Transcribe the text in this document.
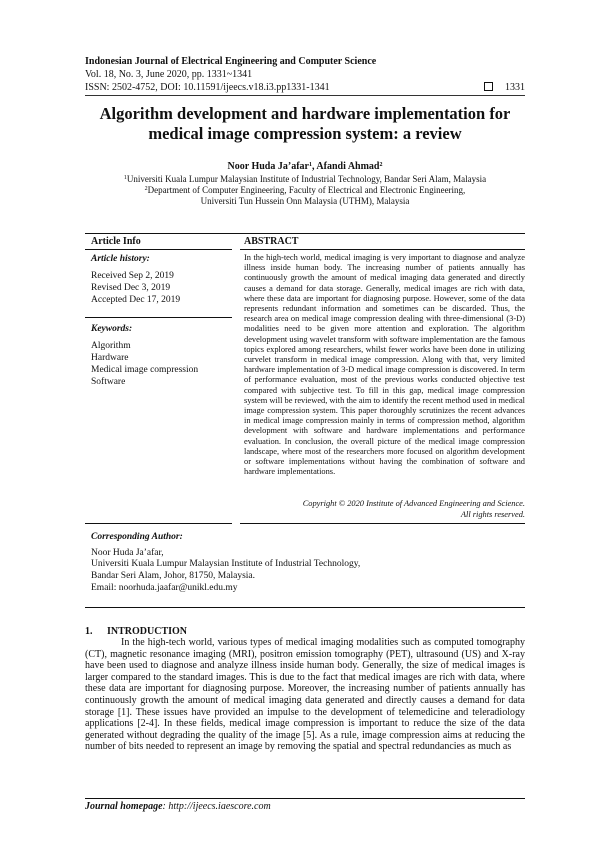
Indonesian Journal of Electrical Engineering and Computer Science
Vol. 18, No. 3, June 2020, pp. 1331~1341
ISSN: 2502-4752, DOI: 10.11591/ijeecs.v18.i3.pp1331-1341	1331
Algorithm development and hardware implementation for
medical image compression system: a review
Noor Huda Ja’afar$^1$, Afandi Ahmad$^2$
$^1$Universiti Kuala Lumpur Malaysian Institute of Industrial Technology, Bandar Seri Alam, Malaysia
$^2$Department of Computer Engineering, Faculty of Electrical and Electronic Engineering,
Universiti Tun Hussein Onn Malaysia (UTHM), Malaysia
Article Info	ABSTRACT
Article history:
Received Sep 2, 2019
Revised Dec 3, 2019
Accepted Dec 17, 2019
Keywords:
Algorithm
Hardware
Medical image compression
Software
In the high-tech world, medical imaging is very important to diagnose and analyze illness inside human body. The increasing number of patients annually has continuously growth the amount of medical imaging data generated and directly causes a demand for data storage. Generally, medical images are rich with data, where these data are important for diagnosing purpose. However, some of the data represents redundant information and sometimes can be discarded. Thus, the research area on medical image compression dealing with three-dimensional (3-D) modalities need to be given more attention and exploration. The algorithm development using wavelet transform with software implementation are the famous topics explored among researchers, whilst fewer works have been done in utilizing curvelet transform in medical image compression. Along with that, very limited hardware implementation of 3-D medical image compression is discovered. In term of performance evaluation, most of the previous works conducted objective test compared with subjective test. To fill in this gap, medical image compression system will be reviewed, with the aim to identify the recent method used in medical image compression system. This paper thoroughly scrutinizes the recent advances in medical image compression mainly in terms of compression method, algorithm development with software and hardware implementations and performance evaluation. In conclusion, the overall picture of the medical image compression landscape, where most of the researchers more focused on algorithm development or software implementations without having the combination of software and hardware implementations.
Copyright © 2020 Institute of Advanced Engineering and Science.
All rights reserved.
Corresponding Author:
Noor Huda Ja’afar,
Universiti Kuala Lumpur Malaysian Institute of Industrial Technology,
Bandar Seri Alam, Johor, 81750, Malaysia.
Email: noorhuda.jaafar@unikl.edu.my
1. INTRODUCTION
In the high-tech world, various types of medical imaging modalities such as computed tomography (CT), magnetic resonance imaging (MRI), positron emission tomography (PET), ultrasound (US) and X-ray have been used to diagnose and analyze illness inside human body. Generally, the size of medical images is larger compared to the standard images. This is due to the fact that medical images are rich with data, where these data are important for diagnosing purpose. Moreover, the increasing number of patients annually has continuously growth the amount of medical imaging data generated and directly causes a demand for data storage [1]. These issues have provided an impulse to the development of telemedicine and teleradiology applications [2-4]. In these fields, medical image compression is important to reduce the size of the data generated without degrading the quality of the image [5]. As a rule, image compression aims at reducing the number of bits needed to represent an image by removing the spatial and spectral redundancies as much as
Journal homepage: http://ijeecs.iaescore.com
